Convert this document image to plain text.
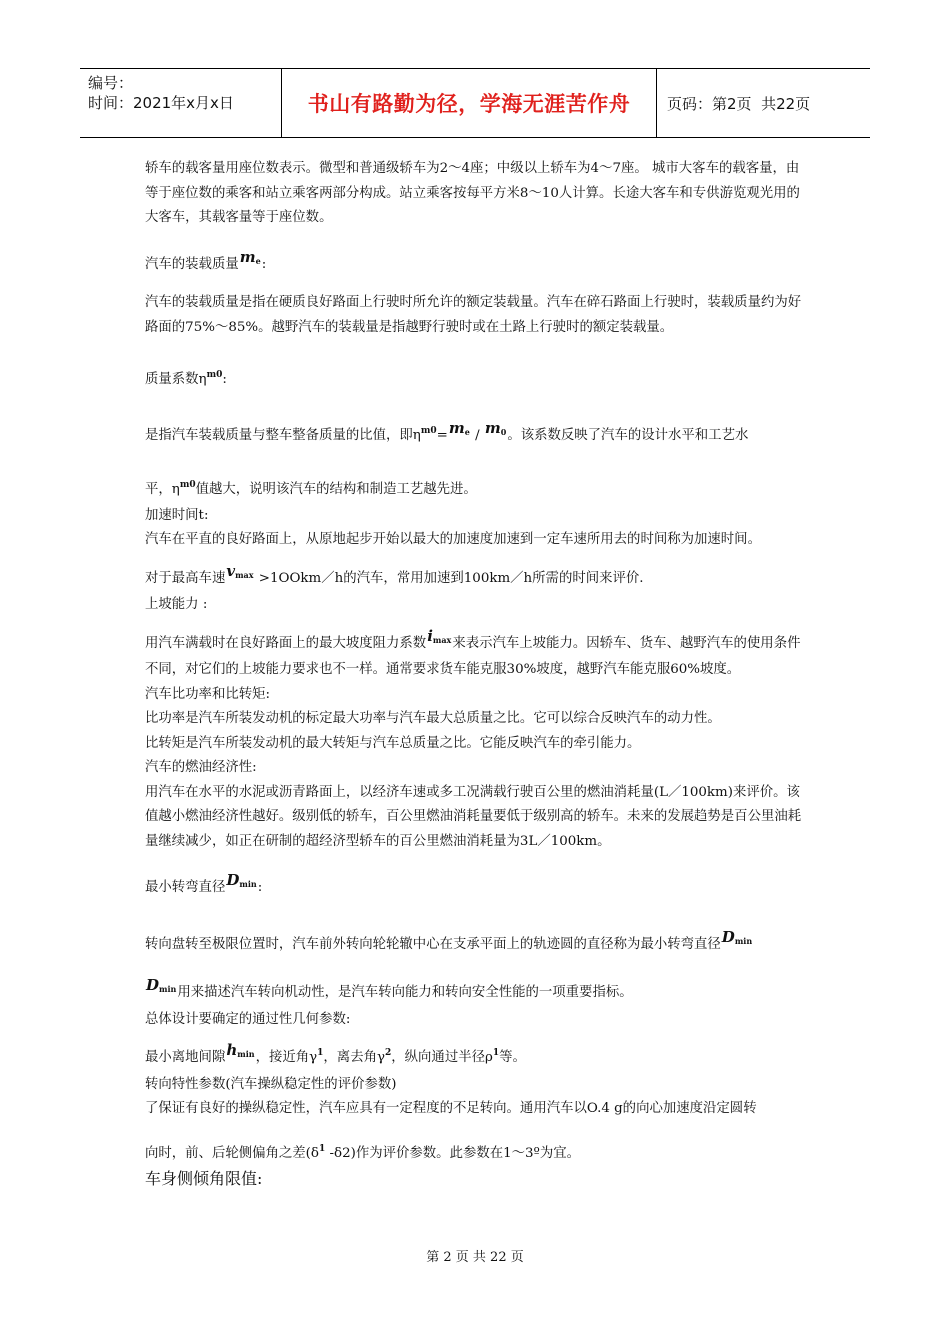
编号：
时间：2021年x月x日	书山有路勤为径，学海无涯苦作舟	页码：第2页  共22页

轿车的载客量用座位数表示。微型和普通级轿车为2～4座；中级以上轿车为4～7座。 城市大客车的载客量，由等于座位数的乘客和站立乘客两部分构成。站立乘客按每平方米8～10人计算。长途大客车和专供游览观光用的大客车，其载客量等于座位数。

汽车的装载质量$m_e$:

汽车的装载质量是指在硬质良好路面上行驶时所允许的额定装载量。汽车在碎石路面上行驶时，装载质量约为好路面的75%～85%。越野汽车的装载量是指越野行驶时或在土路上行驶时的额定装载量。

质量系数$\eta^{m0}$:

是指汽车装载质量与整车整备质量的比值，即$\eta^{m0}=m_e / m_0$。该系数反映了汽车的设计水平和工艺水

平，$\eta^{m0}$值越大，说明该汽车的结构和制造工艺越先进。

加速时间t:

汽车在平直的良好路面上，从原地起步开始以最大的加速度加速到一定车速所用去的时间称为加速时间。

对于最高车速$v_{max}$ >1OOkm／h的汽车，常用加速到100km／h所需的时间来评价.

上坡能力 :

用汽车满载时在良好路面上的最大坡度阻力系数$i_{max}$来表示汽车上坡能力。因轿车、货车、越野汽车的使用条件不同，对它们的上坡能力要求也不一样。通常要求货车能克服30%坡度，越野汽车能克服60%坡度。

汽车比功率和比转矩:

比功率是汽车所装发动机的标定最大功率与汽车最大总质量之比。它可以综合反映汽车的动力性。

比转矩是汽车所装发动机的最大转矩与汽车总质量之比。它能反映汽车的牵引能力。

汽车的燃油经济性:

用汽车在水平的水泥或沥青路面上，以经济车速或多工况满载行驶百公里的燃油消耗量(L／100km)来评价。该值越小燃油经济性越好。级别低的轿车，百公里燃油消耗量要低于级别高的轿车。未来的发展趋势是百公里油耗量继续减少，如正在研制的超经济型轿车的百公里燃油消耗量为3L／100km。

最小转弯直径$D_{min}$:

转向盘转至极限位置时，汽车前外转向轮轮辙中心在支承平面上的轨迹圆的直径称为最小转弯直径$D_{min}$

$D_{min}$用来描述汽车转向机动性，是汽车转向能力和转向安全性能的一项重要指标。

总体设计要确定的通过性几何参数:

最小离地间隙$h_{min}$，接近角$\gamma^1$，离去角$\gamma^2$，纵向通过半径$\rho^1$等。

转向特性参数(汽车操纵稳定性的评价参数)

了保证有良好的操纵稳定性，汽车应具有一定程度的不足转向。通用汽车以O.4 g的向心加速度沿定圆转

向时，前、后轮侧偏角之差($\delta^1$ -δ2)作为评价参数。此参数在1～3º为宜。

车身侧倾角限值:

第 2 页 共 22 页
